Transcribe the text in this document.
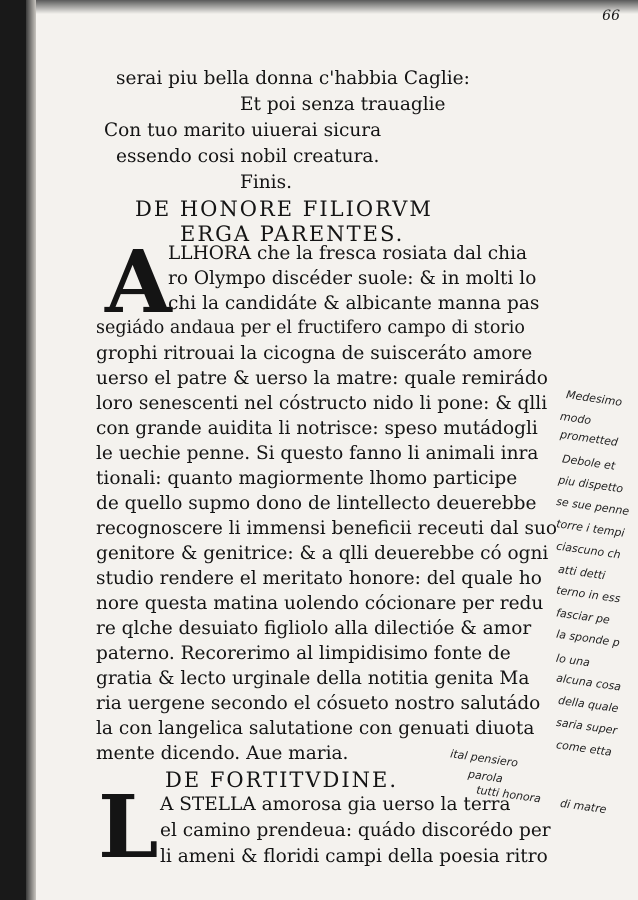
66
serai piu bella donna c'habbia Caglie:
Et poi senza trauaglie
Con tuo marito uiuerai sicura
essendo cosi nobil creatura.
Finis.
DE HONORE FILIORVM
ERGA PARENTES.
A
LLHORA che la fresca rosiata dal chia
ro Olympo discéder suole: & in molti lo
chi la candidáte & albicante manna pas
segiádo andaua per el fructifero campo di storio
grophi ritrouai la cicogna de suisceráto amore
uerso el patre & uerso la matre: quale remirádo
loro senescenti nel cóstructo nido li pone: & qlli
con grande auidita li notrisce: speso mutádogli
le uechie penne. Si questo fanno li animali inra
tionali: quanto magiormente lhomo participe
de quello supmo dono de lintellecto deuerebbe
recognoscere li immensi beneficii receuti dal suo
genitore & genitrice: & a qlli deuerebbe có ogni
studio rendere el meritato honore: del quale ho
nore questa matina uolendo cócionare per redu
re qlche desuiato figliolo alla dilectióe & amor
paterno. Recorerimo al limpidisimo fonte de
gratia & lecto urginale della notitia genita Ma
ria uergene secondo el cósueto nostro salutádo
la con langelica salutatione con genuati diuota
mente dicendo. Aue maria.
DE FORTITVDINE.
L A STELLA amorosa gia uerso la terra
el camino prendeua: quádo discorédo per
li ameni & floridi campi della poesia ritro
Medesimo
modo
prometted
Debole et
piu dispetto
se sue penne
torre i tempi
ciascuno ch
atti detti
terno in ess
fasciar pe
la sponde p
lo una
alcuna cosa
della quale
saria super
come etta
ital pensiero
parola
tutti honora
di matre
